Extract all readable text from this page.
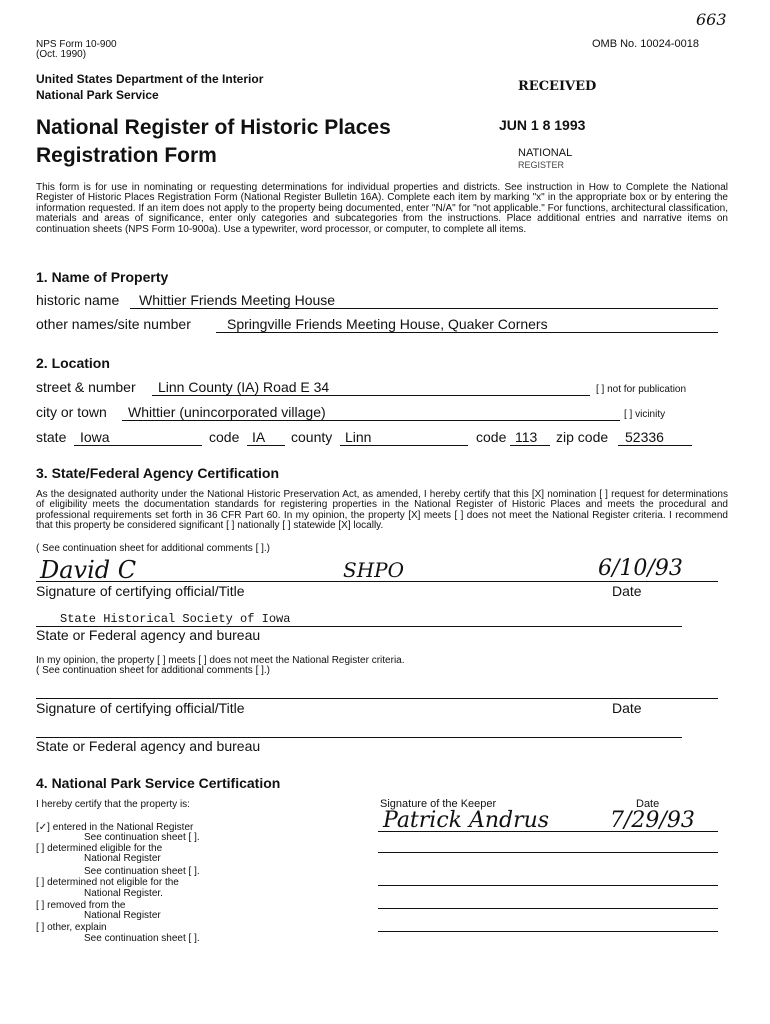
NPS Form 10-900
(Oct. 1990)
663
OMB No. 10024-0018
United States Department of the Interior
National Park Service
RECEIVED
JUN 1 8 1993
NATIONAL
REGISTER
National Register of Historic Places
Registration Form
This form is for use in nominating or requesting determinations for individual properties and districts. See instruction in How to Complete the National Register of Historic Places Registration Form (National Register Bulletin 16A). Complete each item by marking "x" in the appropriate box or by entering the information requested. If an item does not apply to the property being documented, enter "N/A" for "not applicable." For functions, architectural classification, materials and areas of significance, enter only categories and subcategories from the instructions. Place additional entries and narrative items on continuation sheets (NPS Form 10-900a). Use a typewriter, word processor, or computer, to complete all items.
1. Name of Property
historic name Whittier Friends Meeting House
other names/site number	Springville Friends Meeting House, Quaker Corners
2. Location
street & number Linn County (IA) Road E 34	[ ] not for publication
city or town Whittier (unincorporated village)	[ ] vicinity
state Iowa	code IA county Linn	code 113 zip code 52336
3. State/Federal Agency Certification
As the designated authority under the National Historic Preservation Act, as amended, I hereby certify that this [X] nomination [ ] request for determinations of eligibility meets the documentation standards for registering properties in the National Register of Historic Places and meets the procedural and professional requirements set forth in 36 CFR Part 60. In my opinion, the property [X] meets [ ] does not meet the National Register criteria. I recommend that this property be considered significant [ ] nationally [ ] statewide [X] locally.
( See continuation sheet for additional comments [ ].)
David C	SHPO	6/10/93
Signature of certifying official/Title	Date
State Historical Society of Iowa
State or Federal agency and bureau
In my opinion, the property [ ] meets [ ] does not meet the National Register criteria.
( See continuation sheet for additional comments [ ].)
Signature of certifying official/Title	Date
State or Federal agency and bureau
4. National Park Service Certification
I hereby certify that the property is:	Signature of the Keeper	Date
Patrick Andrus	7/29/93
[✓] entered in the National Register
See continuation sheet [ ].
[ ] determined eligible for the
National Register
See continuation sheet [ ].
[ ] determined not eligible for the
National Register.
[ ] removed from the
National Register
[ ] other, explain
See continuation sheet [ ].
